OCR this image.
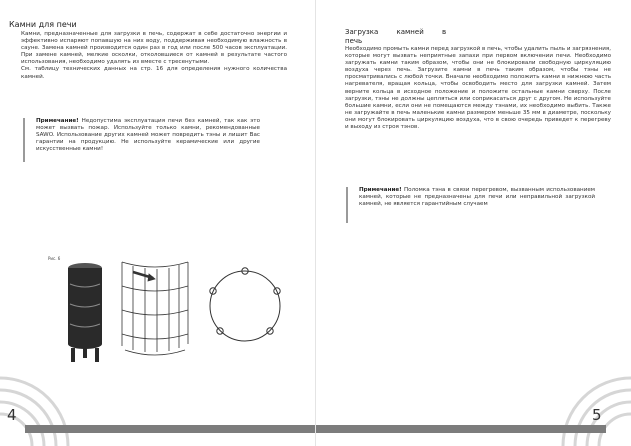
Камни для печи

Камни, предназначенные для загрузки в печь, содержат в себе достаточно энергии и эффективно испаряют попавшую на них воду, поддерживая необходимую влажность в сауне. Замена камней производится один раз в год или после 500 часов эксплуатации. При замене камней, мелкие осколки, отколовшиеся от камней в результате частого использования, необходимо удалять из вместе с тресенутыми.

См. таблицу технических данных на стр. 16 для определения нужного количества камней.

Примечание! Недопустима эксплуатация печи без камней, так как это может вызвать пожар. Используйте только камни, рекомендованные SAWO. Использование других камней может повредить тэны и лишит Вас гарантии на продукцию. Не используйте керамические или другие искусственные камни!
Рис. 6
4
Загрузка камней в печь
Необходимо промыть камни перед загрузкой в печь, чтобы удалить пыль и загрязнения, которые могут вызвать неприятные запахи при первом включении печи. Необходимо загружать камни таким образом, чтобы они не блокировали свободную циркуляцию воздуха через печь. Загрузите камни в печь таким образом, чтобы тэны не просматривались с любой точки. Вначале необходимо положить камни в нижнюю часть нагревателя, вращая кольца, чтобы освободить место для загрузки камней. Затем верните кольца в исходное положение и положите остальные камни сверху. После загрузки, тэны не должны цепляться или соприкасаться друг с другом. Не используйте большие камни, если они не помещаются между тэнами, их необходимо выбить. Также не загружайте в печь маленькие камни размером меньше 35 мм в диаметре, поскольку они могут блокировать циркуляцию воздуха, что в свою очередь приведет к перегреву и выходу из строя тэнов.
Примечание! Поломка тэна в связи перегревом, вызванным использованием камней, которые не предназначены для печи или неправильной загрузкой камней, не является гарантийным случаем
5
